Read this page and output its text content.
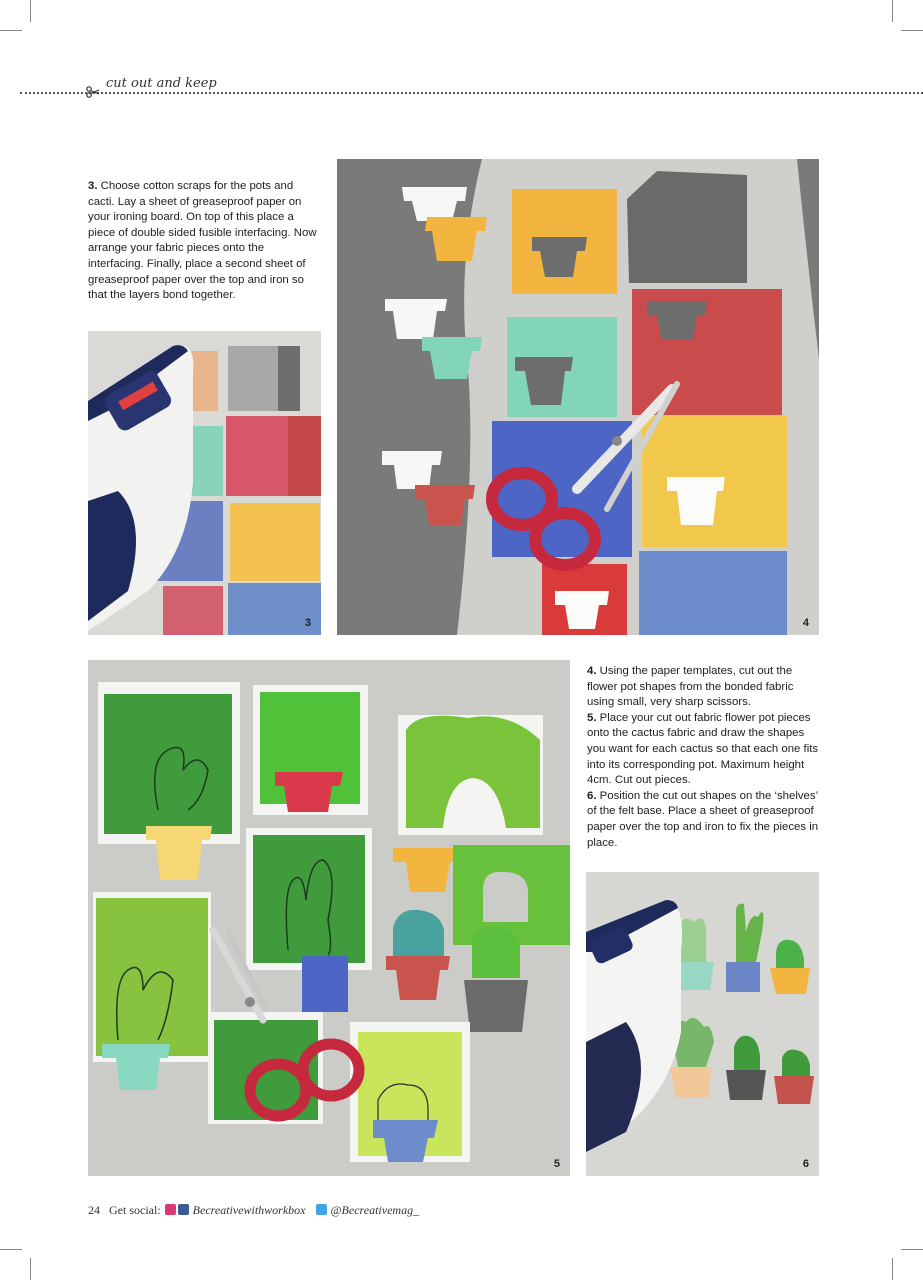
cut out and keep

3. Choose cotton scraps for the pots and cacti. Lay a sheet of greaseproof paper on your ironing board. On top of this place a piece of double sided fusible interfacing. Now arrange your fabric pieces onto the interfacing. Finally, place a second sheet of greaseproof paper over the top and iron so that the layers bond together.

3	4
5

4. Using the paper templates, cut out the flower pot shapes from the bonded fabric using small, very sharp scissors.

5. Place your cut out fabric flower pot pieces onto the cactus fabric and draw the shapes you want for each cactus so that each one fits into its corresponding pot. Maximum height 4cm. Cut out pieces.

6. Position the cut out shapes on the ‘shelves’ of the felt base. Place a sheet of greaseproof paper over the top and iron to fix the pieces in place.

6
24 Get social:	Becreativewithworkbox @Becreativemag_
